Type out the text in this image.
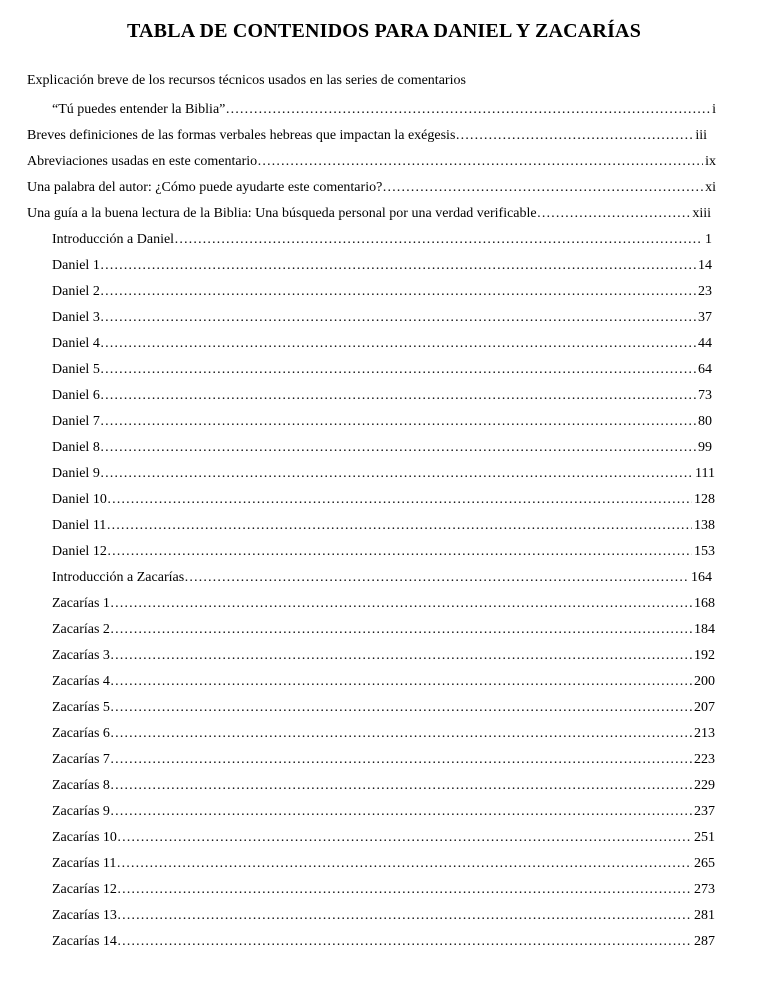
TABLA DE CONTENIDOS PARA DANIEL Y ZACARÍAS
Explicación breve de los recursos técnicos usados en las series de comentarios
“Tú puedes entender la Biblia” ………………………………………………………………………………………………………………………………………………………………………………………………………………………………………………………………………………………	i
Breves definiciones de las formas verbales hebreas que impactan la exégesis ………………………………………………………………………………………………………………………………………………………………………………………………………………………………………………………………………………………	iii
Abreviaciones usadas en este comentario ………………………………………………………………………………………………………………………………………………………………………………………………………………………………………………………………………………………	ix
Una palabra del autor: ¿Cómo puede ayudarte este comentario? ………………………………………………………………………………………………………………………………………………………………………………………………………………………………………………………………………………………	xi
Una guía a la buena lectura de la Biblia: Una búsqueda personal por una verdad verificable ………………………………………………………………………………………………………………………………………………………………………………………………………………………………………………………………………………………	xiii
Introducción a Daniel ………………………………………………………………………………………………………………………………………………………………………………………………………………………………………………………………………………………	1
Daniel 1 ………………………………………………………………………………………………………………………………………………………………………………………………………………………………………………………………………………………	14
Daniel 2 ………………………………………………………………………………………………………………………………………………………………………………………………………………………………………………………………………………………	23
Daniel 3 ………………………………………………………………………………………………………………………………………………………………………………………………………………………………………………………………………………………	37
Daniel 4 ………………………………………………………………………………………………………………………………………………………………………………………………………………………………………………………………………………………	44
Daniel 5 ………………………………………………………………………………………………………………………………………………………………………………………………………………………………………………………………………………………	64
Daniel 6 ………………………………………………………………………………………………………………………………………………………………………………………………………………………………………………………………………………………	73
Daniel 7 ………………………………………………………………………………………………………………………………………………………………………………………………………………………………………………………………………………………	80
Daniel 8 ………………………………………………………………………………………………………………………………………………………………………………………………………………………………………………………………………………………	99
Daniel 9 ………………………………………………………………………………………………………………………………………………………………………………………………………………………………………………………………………………………	111
Daniel 10 ………………………………………………………………………………………………………………………………………………………………………………………………………………………………………………………………………………………	128
Daniel 11 ………………………………………………………………………………………………………………………………………………………………………………………………………………………………………………………………………………………	138
Daniel 12 ………………………………………………………………………………………………………………………………………………………………………………………………………………………………………………………………………………………	153
Introducción a Zacarías ………………………………………………………………………………………………………………………………………………………………………………………………………………………………………………………………………………………	164
Zacarías 1 ………………………………………………………………………………………………………………………………………………………………………………………………………………………………………………………………………………………	168
Zacarías 2 ………………………………………………………………………………………………………………………………………………………………………………………………………………………………………………………………………………………	184
Zacarías 3 ………………………………………………………………………………………………………………………………………………………………………………………………………………………………………………………………………………………	192
Zacarías 4 ………………………………………………………………………………………………………………………………………………………………………………………………………………………………………………………………………………………	200
Zacarías 5 ………………………………………………………………………………………………………………………………………………………………………………………………………………………………………………………………………………………	207
Zacarías 6 ………………………………………………………………………………………………………………………………………………………………………………………………………………………………………………………………………………………	213
Zacarías 7 ………………………………………………………………………………………………………………………………………………………………………………………………………………………………………………………………………………………	223
Zacarías 8 ………………………………………………………………………………………………………………………………………………………………………………………………………………………………………………………………………………………	229
Zacarías 9 ………………………………………………………………………………………………………………………………………………………………………………………………………………………………………………………………………………………	237
Zacarías 10 ………………………………………………………………………………………………………………………………………………………………………………………………………………………………………………………………………………………	251
Zacarías 11 ………………………………………………………………………………………………………………………………………………………………………………………………………………………………………………………………………………………	265
Zacarías 12 ………………………………………………………………………………………………………………………………………………………………………………………………………………………………………………………………………………………	273
Zacarías 13 ………………………………………………………………………………………………………………………………………………………………………………………………………………………………………………………………………………………	281
Zacarías 14 ………………………………………………………………………………………………………………………………………………………………………………………………………………………………………………………………………………………	287
